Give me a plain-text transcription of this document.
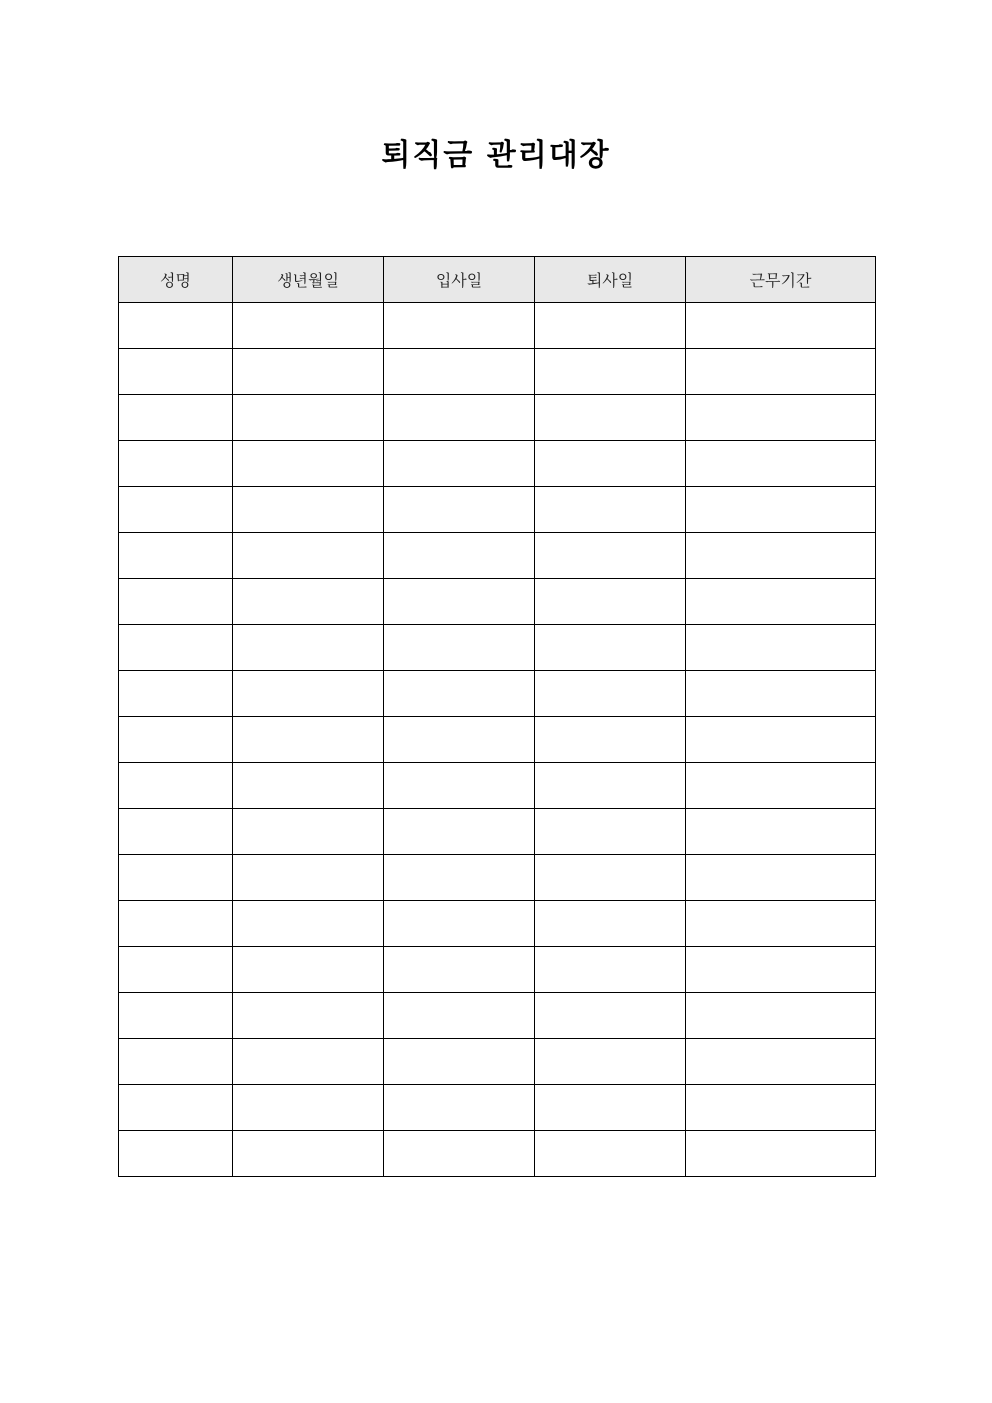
퇴직금 관리대장
성명	생년월일	입사일	퇴사일	근무기간
